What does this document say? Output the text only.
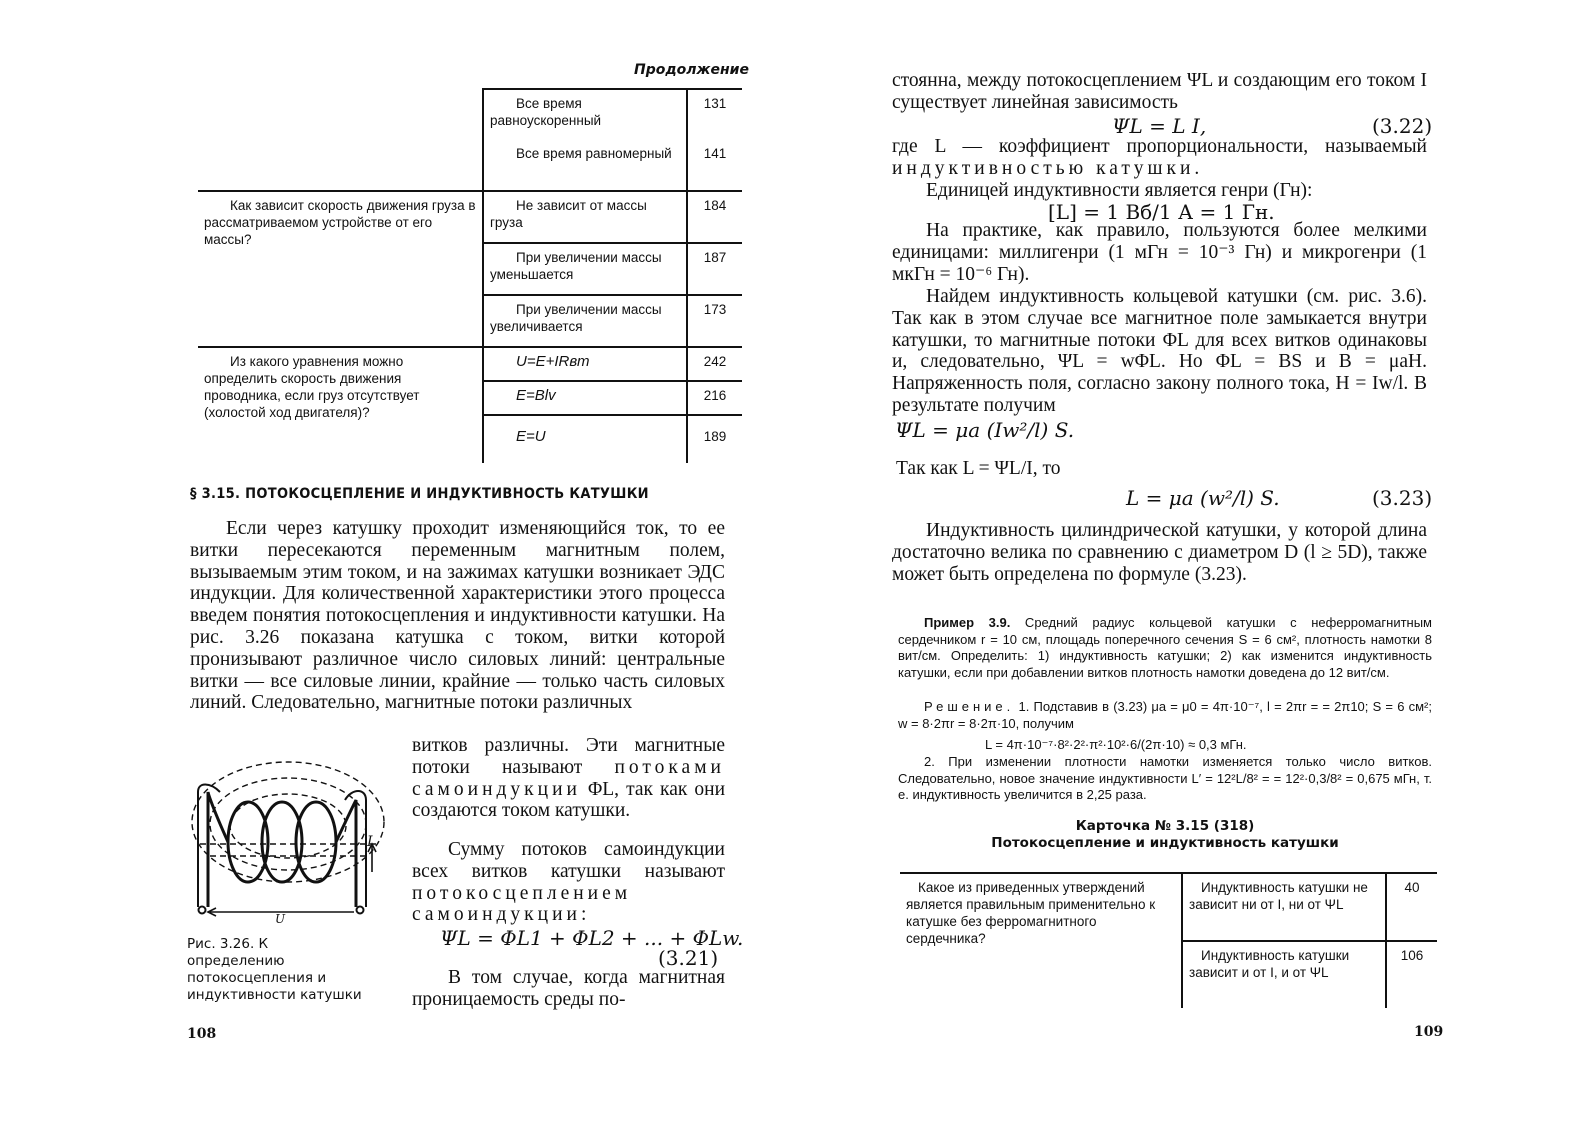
Продолжение
	Все время равноускоренный	131
	Все время равномерный	141
Как зависит скорость движения груза в рассматриваемом устройстве от его массы?	Не зависит от массы груза	184
	При увеличении массы уменьшается	187
	При увеличении массы увеличивается	173
Из какого уравнения можно определить скорость движения проводника, если груз отсутствует (холостой ход двигателя)?	U=E+IRвт	242
	E=Blv	216
	E=U	189
§ 3.15. ПОТОКОСЦЕПЛЕНИЕ И ИНДУКТИВНОСТЬ КАТУШКИ
Если через катушку проходит изменяющийся ток, то ее витки пересекаются переменным магнитным полем, вызываемым этим током, и на зажимах катушки возникает ЭДС индукции. Для количественной характеристики этого процесса введем понятия потокосцепления и индуктивности катушки. На рис. 3.26 показана катушка с током, витки которой пронизывают различное число силовых линий: центральные витки — все силовые линии, крайние — только часть силовых линий. Следовательно, магнитные потоки различных
I
U
Рис. 3.26. К определению потокосцепления и индуктивности катушки
витков различны. Эти магнитные потоки называют потоками самоиндукции ΦL, так как они создаются током катушки.
Сумму потоков самоиндукции всех витков катушки называют потокосцеплением самоиндукции:
ΨL = ΦL1 + ΦL2 + ... + ΦLw.
(3.21)
В том случае, когда магнитная проницаемость среды по-
108
стоянна, между потокосцеплением ΨL и создающим его током I существует линейная зависимость
ΨL = L I,	(3.22)
где L — коэффициент пропорциональности, называемый индуктивностью катушки.
Единицей индуктивности является генри (Гн):
[L] = 1 Вб/1 А = 1 Гн.
На практике, как правило, пользуются более мелкими единицами: миллигенри (1 мГн = 10⁻³ Гн) и микрогенри (1 мкГн = 10⁻⁶ Гн).
Найдем индуктивность кольцевой катушки (см. рис. 3.6). Так как в этом случае все магнитное поле замыкается внутри катушки, то магнитные потоки ΦL для всех витков одинаковы и, следовательно, ΨL = wΦL. Но ΦL = BS и B = μaH. Напряженность поля, согласно закону полного тока, H = Iw/l. В результате получим
ΨL = μa (Iw²/l) S.
Так как L = ΨL/I, то
L = μa (w²/l) S.	(3.23)
Индуктивность цилиндрической катушки, у которой длина достаточно велика по сравнению с диаметром D (l ≥ 5D), также может быть определена по формуле (3.23).
Пример 3.9. Средний радиус кольцевой катушки с неферромагнитным сердечником r = 10 см, площадь поперечного сечения S = 6 см², плотность намотки 8 вит/см. Определить: 1) индуктивность катушки; 2) как изменится индуктивность катушки, если при добавлении витков плотность намотки доведена до 12 вит/см.
Решение. 1. Подставив в (3.23) μa = μ0 = 4π·10⁻⁷, l = 2πr = = 2π10; S = 6 см²; w = 8·2πr = 8·2π·10, получим
L = 4π·10⁻⁷·8²·2²·π²·10²·6/(2π·10) ≈ 0,3 мГн.
2. При изменении плотности намотки изменяется только число витков. Следовательно, новое значение индуктивности L′ = 12²L/8² = = 12²·0,3/8² = 0,675 мГн, т. е. индуктивность увеличится в 2,25 раза.
Карточка № 3.15 (318)
Потокосцепление и индуктивность катушки
Какое из приведенных утверждений является правильным применительно к катушке без ферромагнитного сердечника?	Индуктивность катушки не зависит ни от I, ни от ΨL	40
	Индуктивность катушки зависит и от I, и от ΨL	106
109
